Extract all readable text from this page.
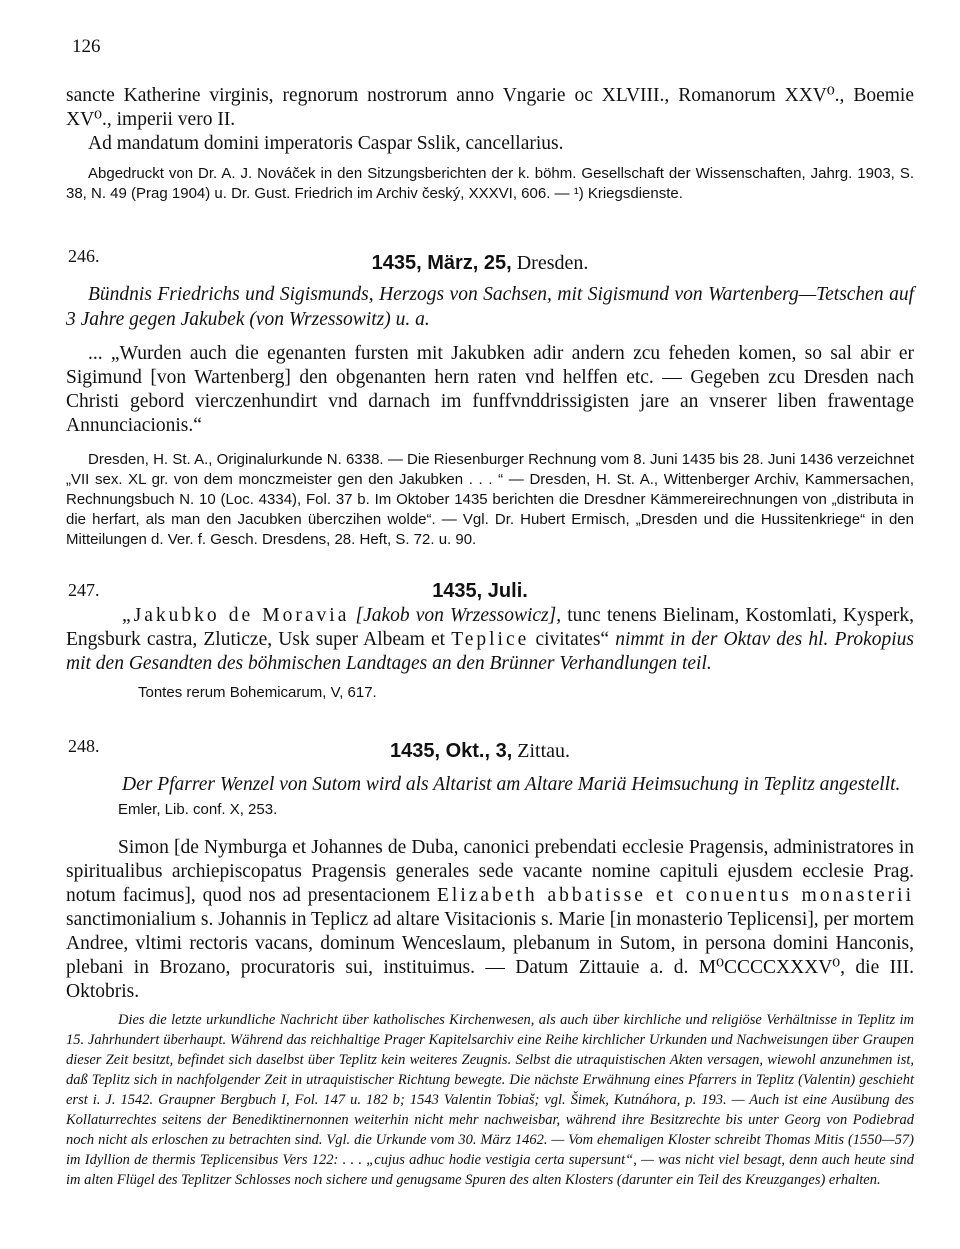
126

sancte Katherine virginis, regnorum nostrorum anno Vngarie oc XLVIII., Romanorum XXV⁰., Boemie XV⁰., imperii vero II.

Ad mandatum domini imperatoris Caspar Sslik, cancellarius.

Abgedruckt von Dr. A. J. Nováček in den Sitzungsberichten der k. böhm. Gesellschaft der Wissenschaften, Jahrg. 1903, S. 38, N. 49 (Prag 1904) u. Dr. Gust. Friedrich im Archiv český, XXXVI, 606. — ¹) Kriegsdienste.

246.	1435, März, 25, Dresden.

Bündnis Friedrichs und Sigismunds, Herzogs von Sachsen, mit Sigismund von Wartenberg—Tetschen auf 3 Jahre gegen Jakubek (von Wrzessowitz) u. a.

... „Wurden auch die egenanten fursten mit Jakubken adir andern zcu feheden komen, so sal abir er Sigimund [von Wartenberg] den obgenanten hern raten vnd helffen etc. — Gegeben zcu Dresden nach Christi gebord vierczenhundirt vnd darnach im funffvnddrissigisten jare an vnserer liben frawentage Annunciacionis.“

Dresden, H. St. A., Originalurkunde N. 6338. — Die Riesenburger Rechnung vom 8. Juni 1435 bis 28. Juni 1436 verzeichnet „VII sex. XL gr. von dem monczmeister gen den Jakubken . . . “ — Dresden, H. St. A., Wittenberger Archiv, Kammersachen, Rechnungsbuch N. 10 (Loc. 4334), Fol. 37 b. Im Oktober 1435 berichten die Dresdner Kämmereirechnungen von „distributa in die herfart, als man den Jacubken überczihen wolde“. — Vgl. Dr. Hubert Ermisch, „Dresden und die Hussitenkriege“ in den Mitteilungen d. Ver. f. Gesch. Dresdens, 28. Heft, S. 72. u. 90.

247.	1435, Juli.

„Jakubko de Moravia [Jakob von Wrzessowicz], tunc tenens Bielinam, Kostomlati, Kysperk, Engsburk castra, Zluticze, Usk super Albeam et Teplice civitates“ nimmt in der Oktav des hl. Prokopius mit den Gesandten des böhmischen Landtages an den Brünner Verhandlungen teil.

Tontes rerum Bohemicarum, V, 617.

248.	1435, Okt., 3, Zittau.

Der Pfarrer Wenzel von Sutom wird als Altarist am Altare Mariä Heimsuchung in Teplitz angestellt.

Emler, Lib. conf. X, 253.

Simon [de Nymburga et Johannes de Duba, canonici prebendati ecclesie Pragensis, administratores in spiritualibus archiepiscopatus Pragensis generales sede vacante nomine capituli ejusdem ecclesie Prag. notum facimus], quod nos ad presentacionem Elizabeth abbatisse et conuentus monasterii sanctimonialium s. Johannis in Teplicz ad altare Visitacionis s. Marie [in monasterio Teplicensi], per mortem Andree, vltimi rectoris vacans, dominum Wenceslaum, plebanum in Sutom, in persona domini Hanconis, plebani in Brozano, procuratoris sui, instituimus. — Datum Zittauie a. d. M⁰CCCCXXXV⁰, die III. Oktobris.

Dies die letzte urkundliche Nachricht über katholisches Kirchenwesen, als auch über kirchliche und religiöse Verhältnisse in Teplitz im 15. Jahrhundert überhaupt. Während das reichhaltige Prager Kapitelsarchiv eine Reihe kirchlicher Urkunden und Nachweisungen über Graupen dieser Zeit besitzt, befindet sich daselbst über Teplitz kein weiteres Zeugnis. Selbst die utraquistischen Akten versagen, wiewohl anzunehmen ist, daß Teplitz sich in nachfolgender Zeit in utraquistischer Richtung bewegte. Die nächste Erwähnung eines Pfarrers in Teplitz (Valentin) geschieht erst i. J. 1542. Graupner Bergbuch I, Fol. 147 u. 182 b; 1543 Valentin Tobiaš; vgl. Šimek, Kutnáhora, p. 193. — Auch ist eine Ausübung des Kollaturrechtes seitens der Benediktinernonnen weiterhin nicht mehr nachweisbar, während ihre Besitzrechte bis unter Georg von Podiebrad noch nicht als erloschen zu betrachten sind. Vgl. die Urkunde vom 30. März 1462. — Vom ehemaligen Kloster schreibt Thomas Mitis (1550—57) im Idyllion de thermis Teplicensibus Vers 122: . . . „cujus adhuc hodie vestigia certa supersunt“, — was nicht viel besagt, denn auch heute sind im alten Flügel des Teplitzer Schlosses noch sichere und genugsame Spuren des alten Klosters (darunter ein Teil des Kreuzganges) erhalten.
